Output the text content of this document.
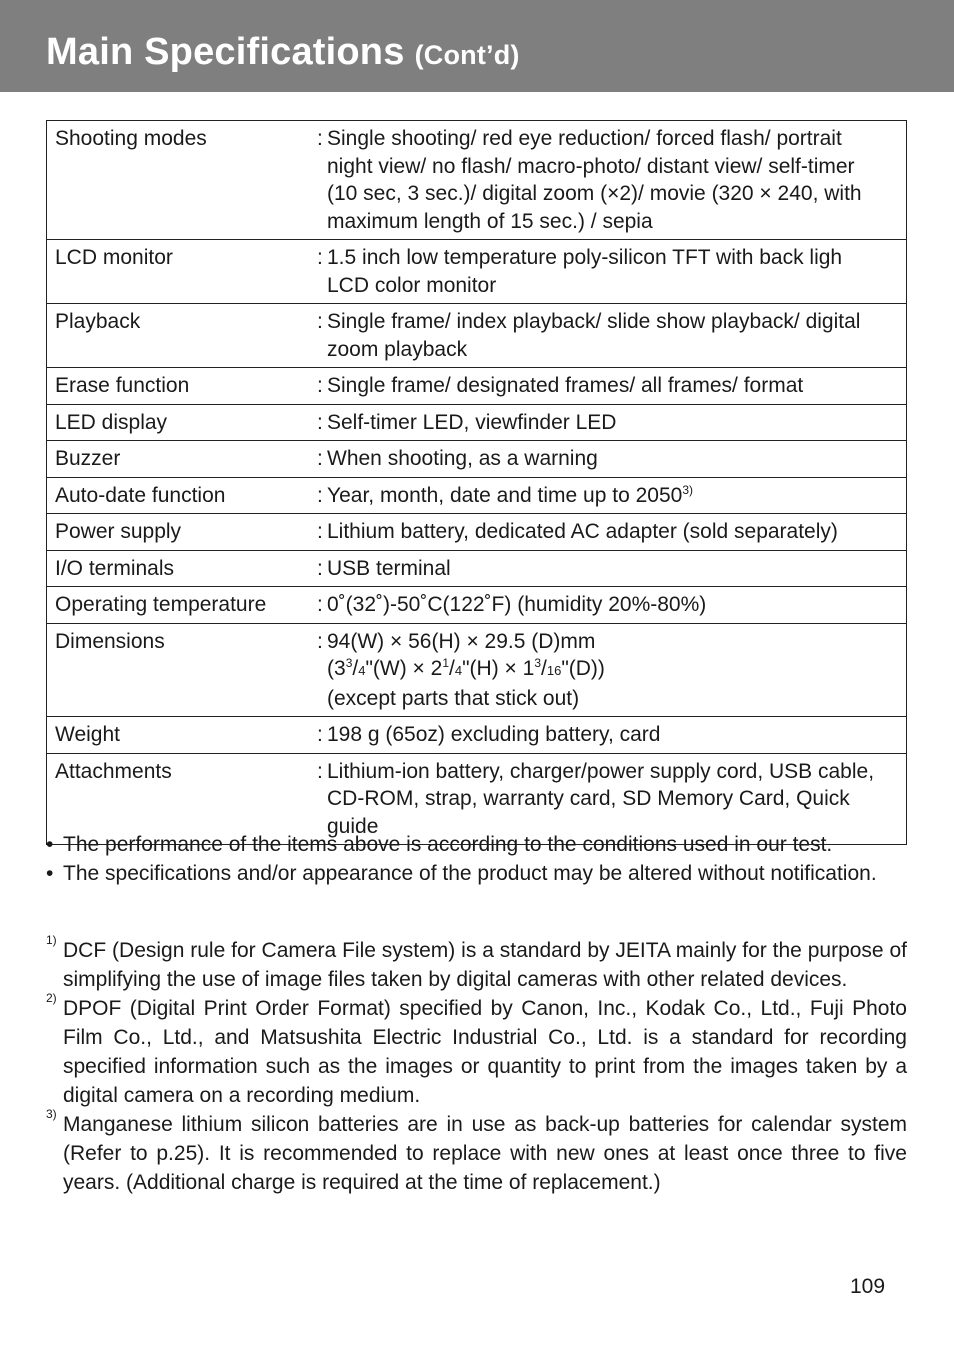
Main Specifications (Cont’d)
Shooting modes	:	Single shooting/ red eye reduction/ forced flash/ portrait
night view/ no flash/ macro-photo/ distant view/ self-timer
(10 sec, 3 sec.)/ digital zoom (×2)/ movie (320 × 240, with
maximum length of 15 sec.) / sepia

LCD monitor	:	1.5 inch low temperature poly-silicon TFT with back ligh
LCD color monitor

Playback	:	Single frame/ index playback/ slide show playback/ digital
zoom playback

Erase function	:	Single frame/ designated frames/ all frames/ format

LED display	:	Self-timer LED, viewfinder LED

Buzzer	:	When shooting, as a warning

Auto-date function	:	Year, month, date and time up to 2050$^{3)}$
Power supply	:	Lithium battery, dedicated AC adapter (sold separately)

I/O terminals	:	USB terminal

Operating temperature	:	0˚(32˚)-50˚C(122˚F) (humidity 20%-80%)

Dimensions	:	94(W) × 56(H) × 29.5 (D)mm
($3^3/4"(W)$ × $2^1/4"(H)$ × $1^3/16"(D)$)
(except parts that stick out)

Weight	:	198 g (65oz) excluding battery, card

Attachments	:	Lithium-ion battery, charger/power supply cord, USB cable,
CD-ROM, strap, warranty card, SD Memory Card, Quick
guide

• The performance of the items above is according to the conditions used in our test.

• The specifications and/or appearance of the product may be altered without notification.

1) DCF (Design rule for Camera File system) is a standard by JEITA mainly for the purpose of simplifying the use of image files taken by digital cameras with other related devices.

2) DPOF (Digital Print Order Format) specified by Canon, Inc., Kodak Co., Ltd., Fuji Photo Film Co., Ltd., and Matsushita Electric Industrial Co., Ltd. is a standard for recording specified information such as the images or quantity to print from the images taken by a digital camera on a recording medium.

3) Manganese lithium silicon batteries are in use as back-up batteries for calendar system (Refer to p.25). It is recommended to replace with new ones at least once three to five years. (Additional charge is required at the time of replacement.)

109
